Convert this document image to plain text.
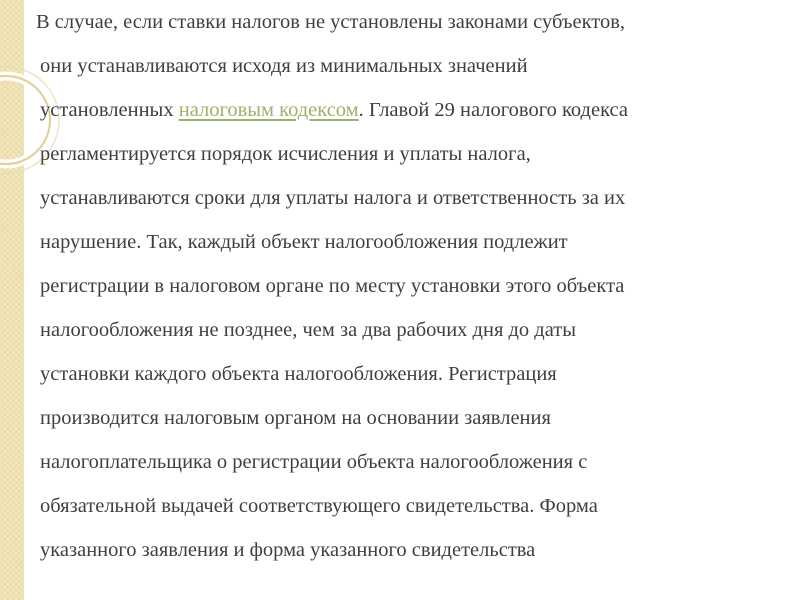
В случае, если ставки налогов не установлены законами субъектов,
они устанавливаются исходя из минимальных значений
установленных налоговым кодексом. Главой 29 налогового кодекса
регламентируется порядок исчисления и уплаты налога,
устанавливаются сроки для уплаты налога и ответственность за их
нарушение. Так, каждый объект налогообложения подлежит
регистрации в налоговом органе по месту установки этого объекта
налогообложения не позднее, чем за два рабочих дня до даты
установки каждого объекта налогообложения. Регистрация
производится налоговым органом на основании заявления
налогоплательщика о регистрации объекта налогообложения с
обязательной выдачей соответствующего свидетельства. Форма
указанного заявления и форма указанного свидетельства
